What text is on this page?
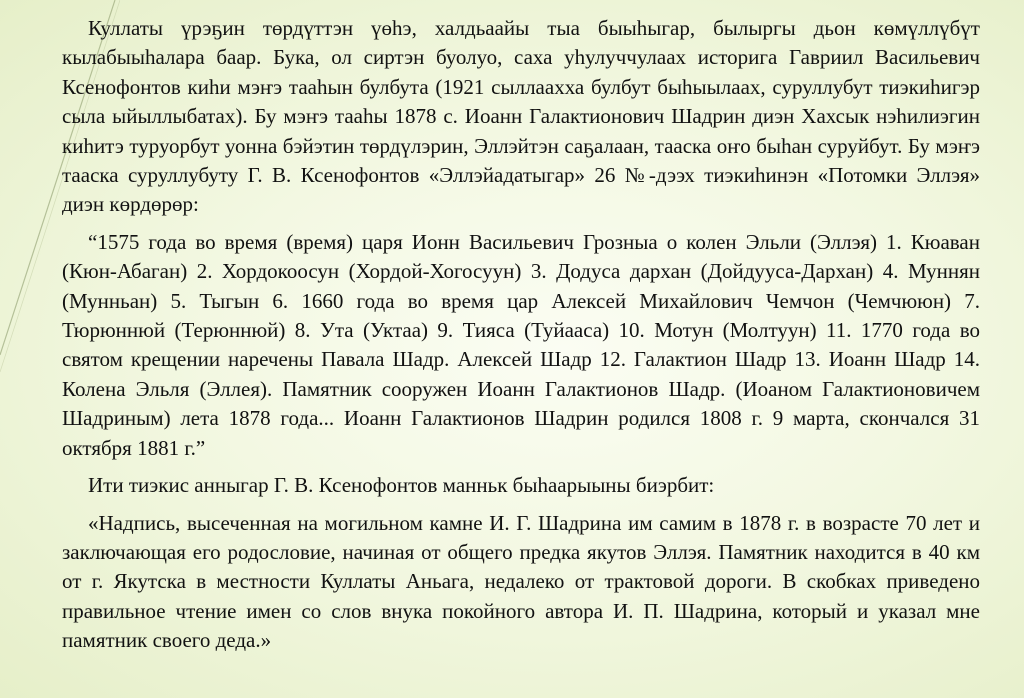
Куллаты үрэҕин төрдүттэн үөһэ, халдьаайы тыа быыһыгар, былыргы дьон көмүллүбүт кылабыыһалара баар. Бука, ол сиртэн буолуо, саха уһулуччулаах историга Гавриил Васильевич Ксенофонтов киһи мэҥэ тааһын булбута (1921 сыллаахха булбут быһыылаах, суруллубут тиэкиһигэр сыла ыйыллыбатах). Бу мэҥэ тааһы 1878 с. Иоанн Галактионович Шадрин диэн Хахсык нэһилиэгин киһитэ туруорбут уонна бэйэтин төрдүлэрин, Эллэйтэн саҕалаан, тааска оҥо быһан суруйбут. Бу мэҥэ тааска суруллубуту Г. В. Ксенофонтов «Эллэйадатыгар» 26 №-дээх тиэкиһинэн «Потомки Эллэя» диэн көрдөрөр:

“1575 года во время (время) царя Ионн Васильевич Грозныа о колен Эльли (Эллэя) 1. Кюаван (Кюн-Абаган) 2. Хордокоосун (Хордой-Хогосуун) 3. Додуса дархан (Дойдууса-Дархан) 4. Муннян (Мунньан) 5. Тыгын 6. 1660 года во время цар Алексей Михайлович Чемчон (Чемчююн) 7. Тюрюннюй (Терюннюй) 8. Ута (Уктаа) 9. Тияса (Туйааса) 10. Мотун (Молтуун) 11. 1770 года во святом крещении наречены Павала Шадр. Алексей Шадр 12. Галактион Шадр 13. Иоанн Шадр 14. Колена Эльля (Эллея). Памятник сооружен Иоанн Галактионов Шадр. (Иоаном Галактионовичем Шадриным) лета 1878 года... Иоанн Галактионов Шадрин родился 1808 г. 9 марта, скончался 31 октября 1881 г.”

Ити тиэкис анныгар Г. В. Ксенофонтов манньк быһаарыыны биэрбит:

«Надпись, высеченная на могильном камне И. Г. Шадрина им самим в 1878 г. в возрасте 70 лет и заключающая его родословие, начиная от общего предка якутов Эллэя. Памятник находится в 40 км от г. Якутска в местности Куллаты Аньага, недалеко от трактовой дороги. В скобках приведено правильное чтение имен со слов внука покойного автора И. П. Шадрина, который и указал мне памятник своего деда.»
